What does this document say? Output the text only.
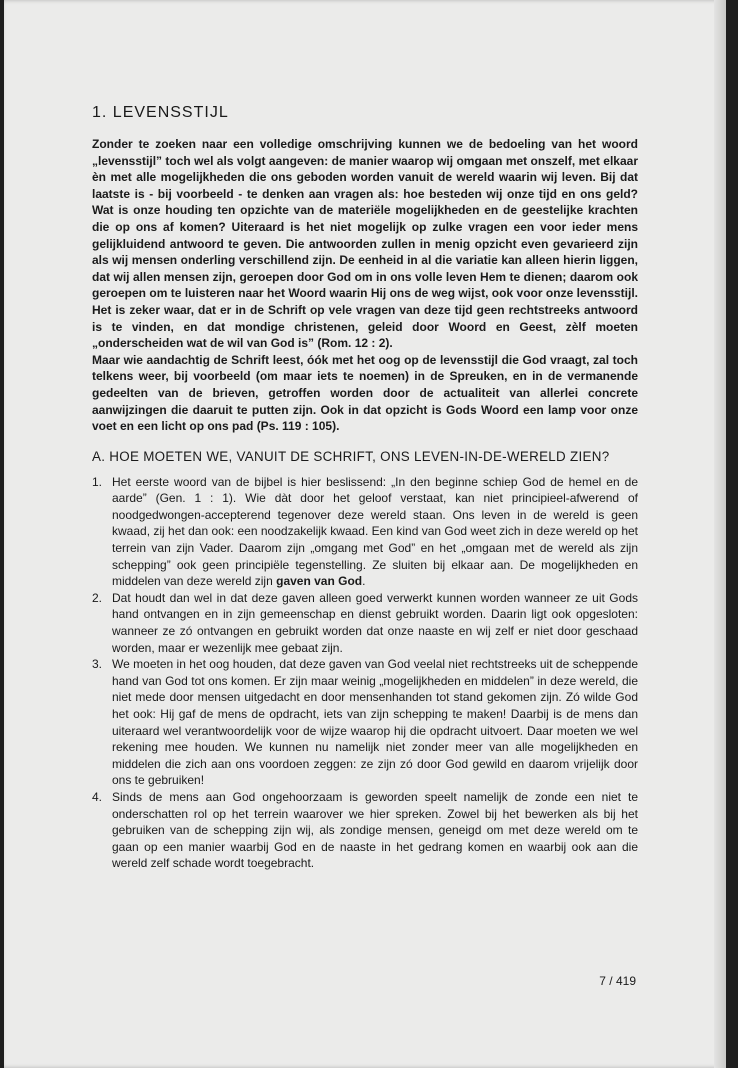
1. LEVENSSTIJL

Zonder te zoeken naar een volledige omschrijving kunnen we de bedoeling van het woord „levensstijl” toch wel als volgt aangeven: de manier waarop wij omgaan met onszelf, met elkaar èn met alle mogelijkheden die ons geboden worden vanuit de wereld waarin wij leven. Bij dat laatste is - bij voorbeeld - te denken aan vragen als: hoe besteden wij onze tijd en ons geld? Wat is onze houding ten opzichte van de materiële mogelijkheden en de geestelijke krachten die op ons af komen? Uiteraard is het niet mogelijk op zulke vragen een voor ieder mens gelijkluidend antwoord te geven. Die antwoorden zullen in menig opzicht even gevarieerd zijn als wij mensen onderling verschillend zijn. De eenheid in al die variatie kan alleen hierin liggen, dat wij allen mensen zijn, geroepen door God om in ons volle leven Hem te dienen; daarom ook geroepen om te luisteren naar het Woord waarin Hij ons de weg wijst, ook voor onze levensstijl. Het is zeker waar, dat er in de Schrift op vele vragen van deze tijd geen rechtstreeks antwoord is te vinden, en dat mondige christenen, geleid door Woord en Geest, zèlf moeten „onderscheiden wat de wil van God is” (Rom. 12 : 2).

Maar wie aandachtig de Schrift leest, óók met het oog op de levensstijl die God vraagt, zal toch telkens weer, bij voorbeeld (om maar iets te noemen) in de Spreuken, en in de vermanende gedeelten van de brieven, getroffen worden door de actualiteit van allerlei concrete aanwijzingen die daaruit te putten zijn. Ook in dat opzicht is Gods Woord een lamp voor onze voet en een licht op ons pad (Ps. 119 : 105).

A. HOE MOETEN WE, VANUIT DE SCHRIFT, ONS LEVEN-IN-DE-WERELD ZIEN?
1. Het eerste woord van de bijbel is hier beslissend: „In den beginne schiep God de hemel en de aarde” (Gen. 1 : 1). Wie dàt door het geloof verstaat, kan niet principieel-afwerend of noodgedwongen-accepterend tegenover deze wereld staan. Ons leven in de wereld is geen kwaad, zij het dan ook: een noodzakelijk kwaad. Een kind van God weet zich in deze wereld op het terrein van zijn Vader. Daarom zijn „omgang met God” en het „omgaan met de wereld als zijn schepping” ook geen principiële tegenstelling. Ze sluiten bij elkaar aan. De mogelijkheden en middelen van deze wereld zijn gaven van God.
2. Dat houdt dan wel in dat deze gaven alleen goed verwerkt kunnen worden wanneer ze uit Gods hand ontvangen en in zijn gemeenschap en dienst gebruikt worden. Daarin ligt ook opgesloten: wanneer ze zó ontvangen en gebruikt worden dat onze naaste en wij zelf er niet door geschaad worden, maar er wezenlijk mee gebaat zijn.
3. We moeten in het oog houden, dat deze gaven van God veelal niet rechtstreeks uit de scheppende hand van God tot ons komen. Er zijn maar weinig „mogelijkheden en middelen” in deze wereld, die niet mede door mensen uitgedacht en door mensenhanden tot stand gekomen zijn. Zó wilde God het ook: Hij gaf de mens de opdracht, iets van zijn schepping te maken! Daarbij is de mens dan uiteraard wel verantwoordelijk voor de wijze waarop hij die opdracht uitvoert. Daar moeten we wel rekening mee houden. We kunnen nu namelijk niet zonder meer van alle mogelijkheden en middelen die zich aan ons voordoen zeggen: ze zijn zó door God gewild en daarom vrijelijk door ons te gebruiken!
4. Sinds de mens aan God ongehoorzaam is geworden speelt namelijk de zonde een niet te onderschatten rol op het terrein waarover we hier spreken. Zowel bij het bewerken als bij het gebruiken van de schepping zijn wij, als zondige mensen, geneigd om met deze wereld om te gaan op een manier waarbij God en de naaste in het gedrang komen en waarbij ook aan die wereld zelf schade wordt toegebracht.
7 / 419
